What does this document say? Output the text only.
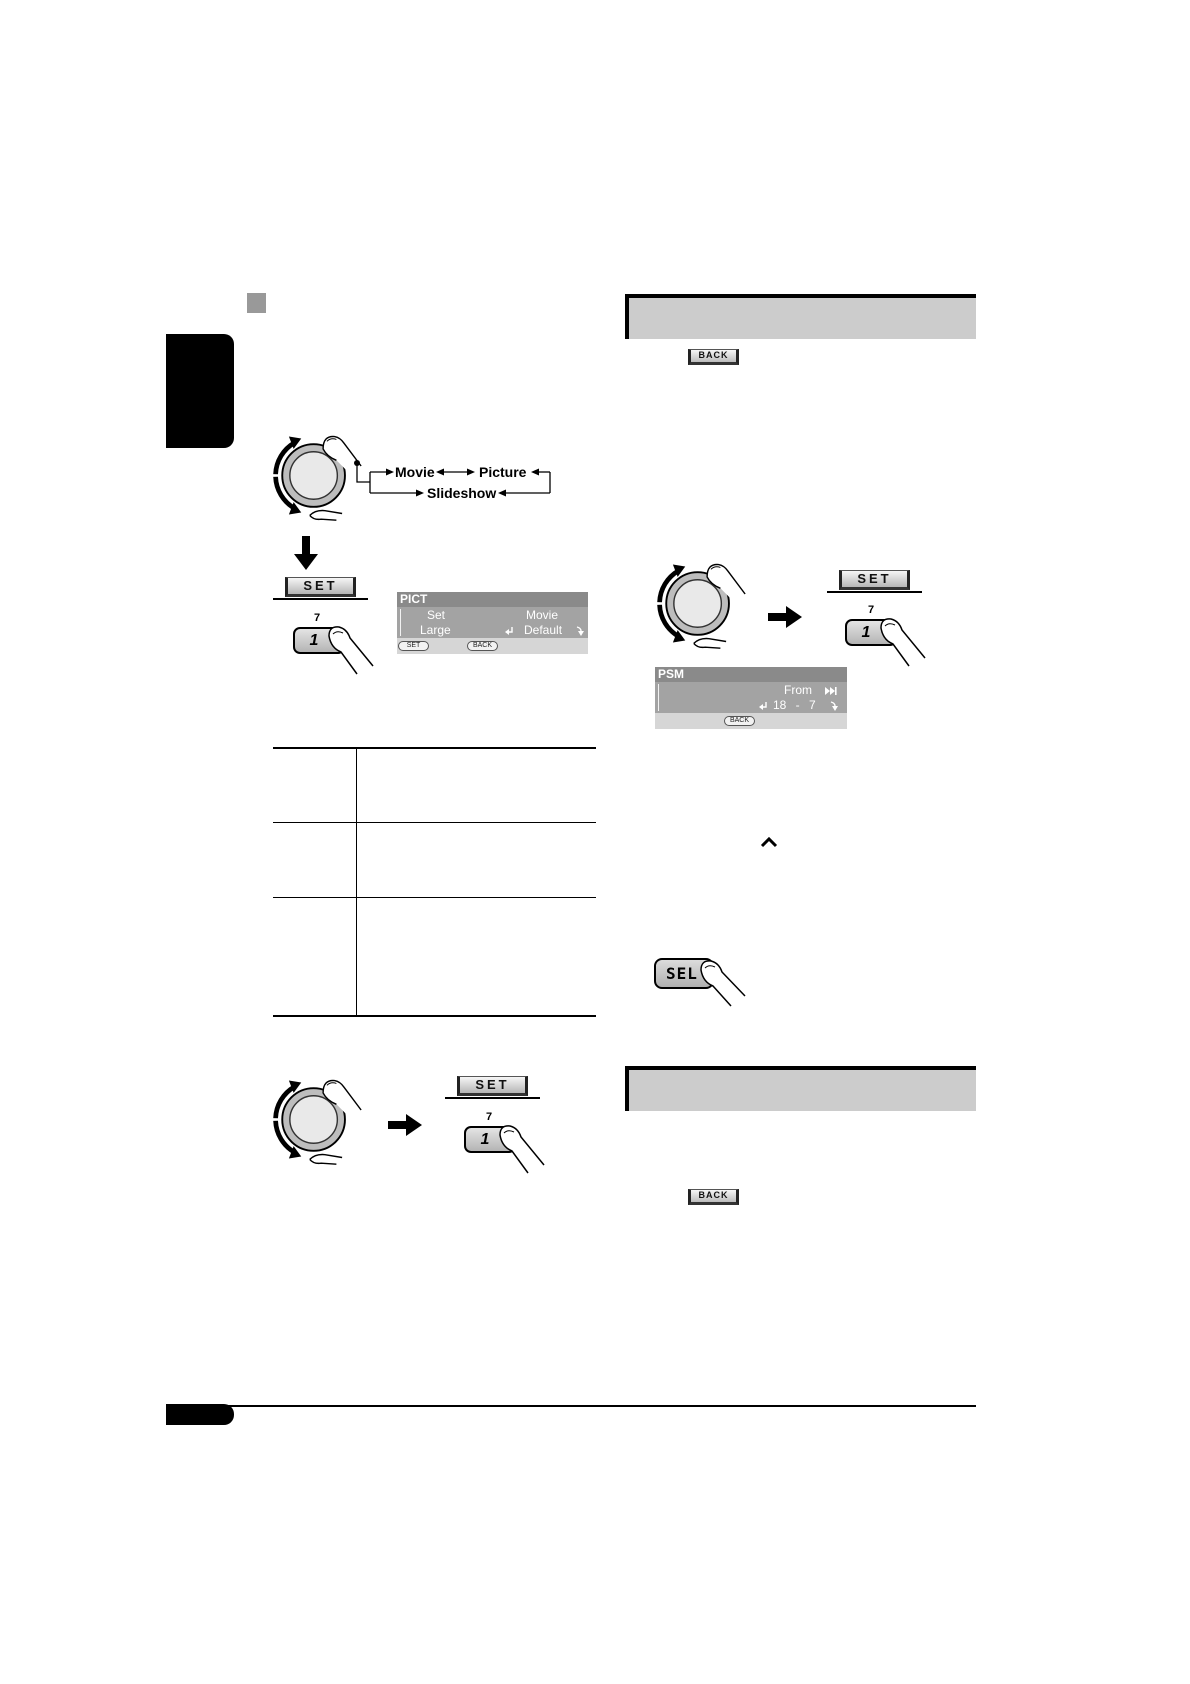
Movie	Picture
Slideshow
SET
7
1
PICT
Set	Movie
Large	Default
SET	BACK
SET
7
1
BACK
SET
7
1
PSM
From
18 - 7
BACK
SEL
BACK
